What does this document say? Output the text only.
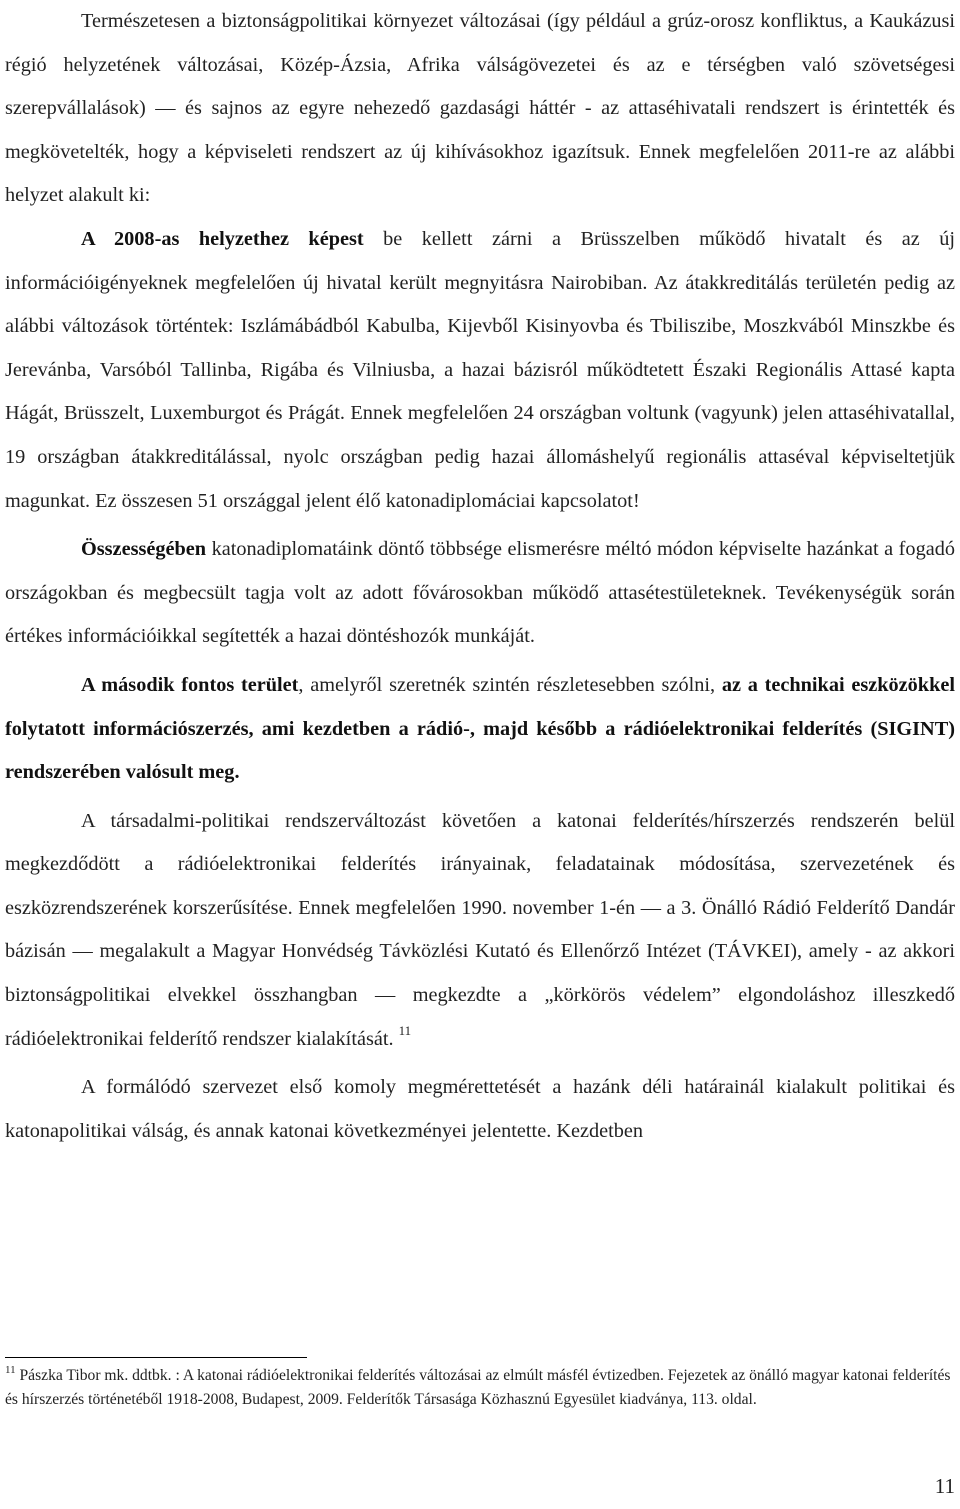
Természetesen a biztonságpolitikai környezet változásai (így például a grúz-orosz konfliktus, a Kaukázusi régió helyzetének változásai, Közép-Ázsia, Afrika válságövezetei és az e térségben való szövetségesi szerepvállalások) ― és sajnos az egyre nehezedő gazdasági háttér - az attaséhivatali rendszert is érintették és megkövetelték, hogy a képviseleti rendszert az új kihívásokhoz igazítsuk. Ennek megfelelően 2011-re az alábbi helyzet alakult ki:

A 2008-as helyzethez képest be kellett zárni a Brüsszelben működő hivatalt és az új információigényeknek megfelelően új hivatal került megnyitásra Nairobiban. Az átakkreditálás területén pedig az alábbi változások történtek: Iszlámábádból Kabulba, Kijevből Kisinyovba és Tbiliszibe, Moszkvából Minszkbe és Jerevánba, Varsóból Tallinba, Rigába és Vilniusba, a hazai bázisról működtetett Északi Regionális Attasé kapta Hágát, Brüsszelt, Luxemburgot és Prágát. Ennek megfelelően 24 országban voltunk (vagyunk) jelen attaséhivatallal, 19 országban átakkreditálással, nyolc országban pedig hazai állomáshelyű regionális attaséval képviseltetjük magunkat. Ez összesen 51 országgal jelent élő katonadiplomáciai kapcsolatot!

Összességében katonadiplomatáink döntő többsége elismerésre méltó módon képviselte hazánkat a fogadó országokban és megbecsült tagja volt az adott fővárosokban működő attasétestületeknek. Tevékenységük során értékes információikkal segítették a hazai döntéshozók munkáját.

A második fontos terület, amelyről szeretnék szintén részletesebben szólni, az a technikai eszközökkel folytatott információszerzés, ami kezdetben a rádió-, majd később a rádióelektronikai felderítés (SIGINT) rendszerében valósult meg.

A társadalmi-politikai rendszerváltozást követően a katonai felderítés/hírszerzés rendszerén belül megkezdődött a rádióelektronikai felderítés irányainak, feladatainak módosítása, szervezetének és eszközrendszerének korszerűsítése. Ennek megfelelően 1990. november 1-én ― a 3. Önálló Rádió Felderítő Dandár bázisán ― megalakult a Magyar Honvédség Távközlési Kutató és Ellenőrző Intézet (TÁVKEI), amely - az akkori biztonságpolitikai elvekkel összhangban ― megkezdte a „körkörös védelem” elgondoláshoz illeszkedő rádióelektronikai felderítő rendszer kialakítását. $^{11}$

A formálódó szervezet első komoly megmérettetését a hazánk déli határainál kialakult politikai és katonapolitikai válság, és annak katonai következményei jelentette. Kezdetben

$^{11}$ Pászka Tibor mk. ddtbk. : A katonai rádióelektronikai felderítés változásai az elmúlt másfél évtizedben. Fejezetek az önálló magyar katonai felderítés és hírszerzés történetéből 1918-2008, Budapest, 2009. Felderítők Társasága Közhasznú Egyesület kiadványa, 113. oldal.
11
